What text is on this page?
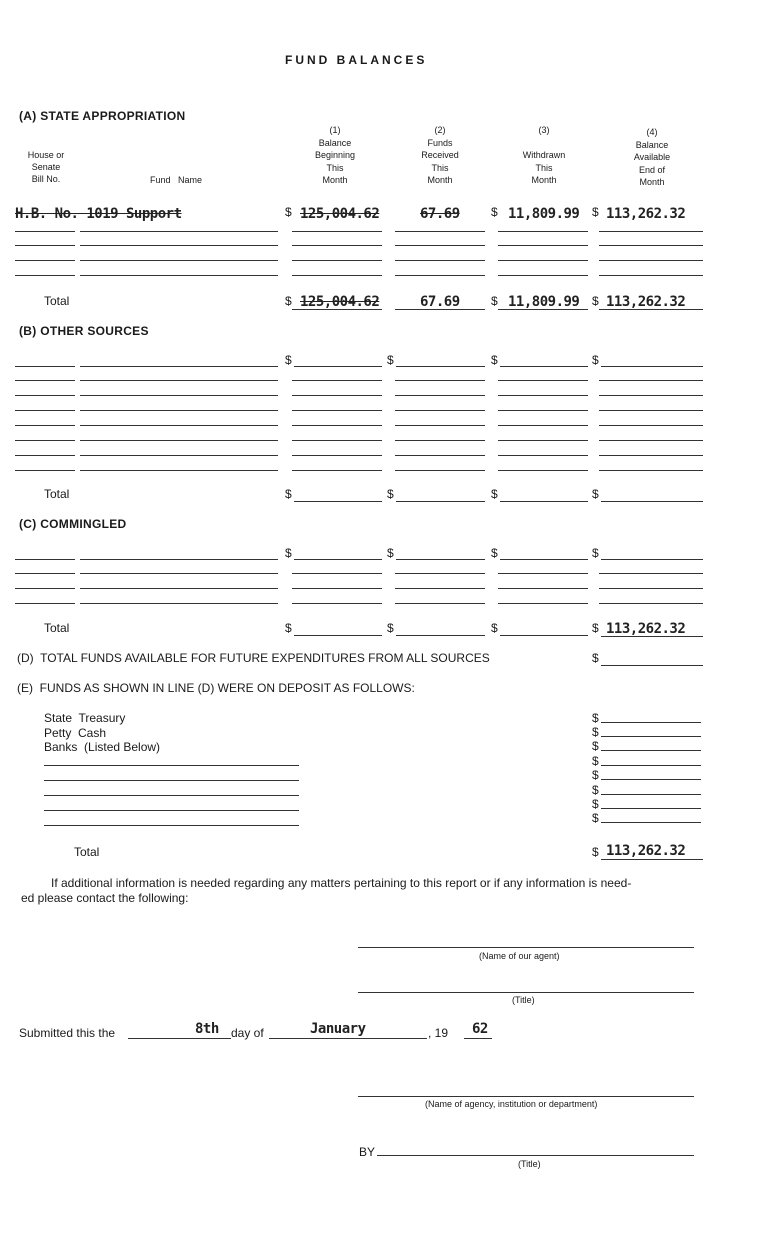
FUND BALANCES
(A) STATE APPROPRIATION
House or
Senate
Bill No.	Fund   Name
(1)
Balance
Beginning
This
Month
(2)
Funds
Received
This
Month
(3)

Withdrawn
This
Month
(4)
Balance
Available
End of
Month
H.B. No. 1019 Support	$ 125,004.62	67.69	$ 11,809.99 $ 113,262.32
Total	$ 125,004.62	67.69	$ 11,809.99 $ 113,262.32
(B) OTHER SOURCES
$	$	$	$
Total	$	$	$	$
(C) COMMINGLED
$	$	$	$
Total	$	$	$	$ 113,262.32
(D)  TOTAL FUNDS AVAILABLE FOR FUTURE EXPENDITURES FROM ALL SOURCES	$
(E)  FUNDS AS SHOWN IN LINE (D) WERE ON DEPOSIT AS FOLLOWS:
State  Treasury
Petty  Cash
Banks  (Listed Below)
$
$
$
$
$
$
$
$
Total	$ 113,262.32
If additional information is needed regarding any matters pertaining to this report or if any information is need-
ed please contact the following:
(Name of our agent)
(Title)
Submitted this the	8th day of	January	, 19 62
(Name of agency, institution or department)
BY
(Title)
